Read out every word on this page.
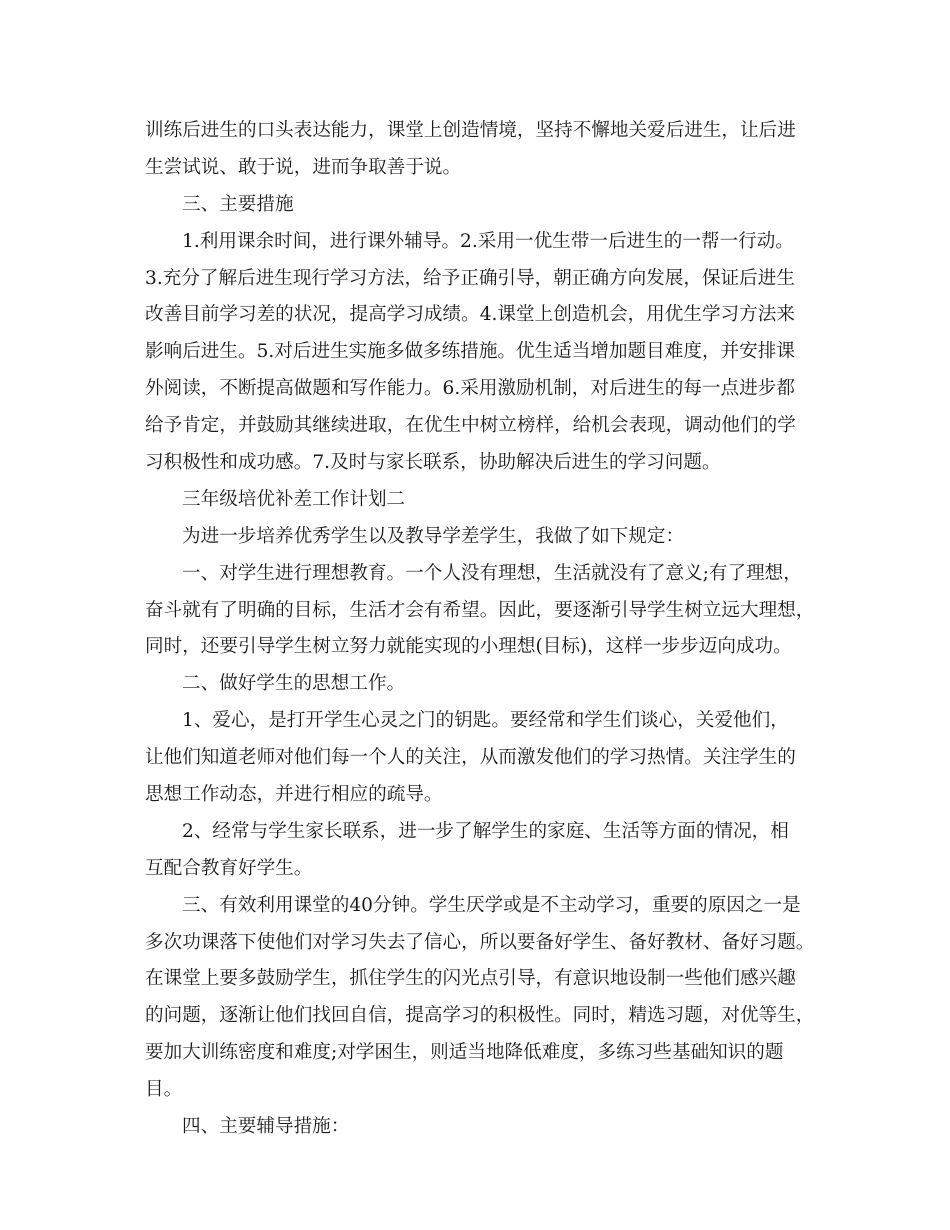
训练后进生的口头表达能力，课堂上创造情境，坚持不懈地关爱后进生，让后进
生尝试说、敢于说，进而争取善于说。
三、主要措施
1.利用课余时间，进行课外辅导。2.采用一优生带一后进生的一帮一行动。
3.充分了解后进生现行学习方法，给予正确引导，朝正确方向发展，保证后进生
改善目前学习差的状况，提高学习成绩。4.课堂上创造机会，用优生学习方法来
影响后进生。5.对后进生实施多做多练措施。优生适当增加题目难度，并安排课
外阅读，不断提高做题和写作能力。6.采用激励机制，对后进生的每一点进步都
给予肯定，并鼓励其继续进取，在优生中树立榜样，给机会表现，调动他们的学
习积极性和成功感。7.及时与家长联系，协助解决后进生的学习问题。
三年级培优补差工作计划二
为进一步培养优秀学生以及教导学差学生，我做了如下规定：
一、对学生进行理想教育。一个人没有理想，生活就没有了意义;有了理想，
奋斗就有了明确的目标，生活才会有希望。因此，要逐渐引导学生树立远大理想，
同时，还要引导学生树立努力就能实现的小理想(目标)，这样一步步迈向成功。
二、做好学生的思想工作。
1、爱心，是打开学生心灵之门的钥匙。要经常和学生们谈心，关爱他们，
让他们知道老师对他们每一个人的关注，从而激发他们的学习热情。关注学生的
思想工作动态，并进行相应的疏导。
2、经常与学生家长联系，进一步了解学生的家庭、生活等方面的情况，相
互配合教育好学生。
三、有效利用课堂的40分钟。学生厌学或是不主动学习，重要的原因之一是
多次功课落下使他们对学习失去了信心，所以要备好学生、备好教材、备好习题。
在课堂上要多鼓励学生，抓住学生的闪光点引导，有意识地设制一些他们感兴趣
的问题，逐渐让他们找回自信，提高学习的积极性。同时，精选习题，对优等生，
要加大训练密度和难度;对学困生，则适当地降低难度，多练习些基础知识的题
目。
四、主要辅导措施：
